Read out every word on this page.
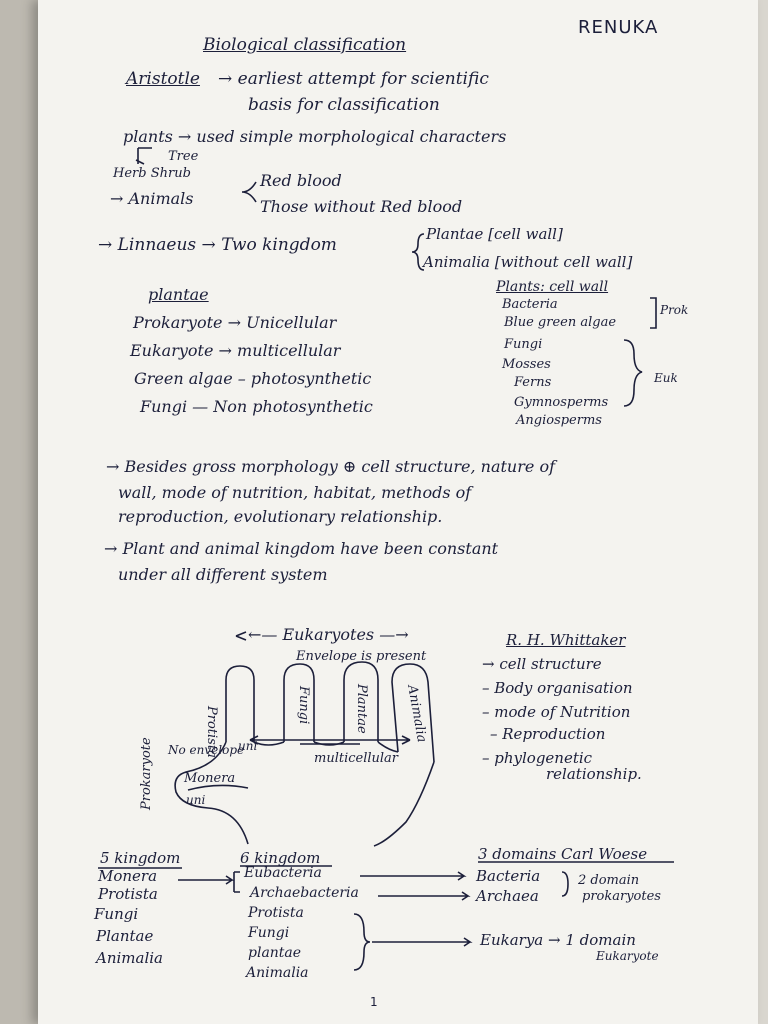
RENUKA
Biological classification
Aristotle → earliest attempt for scientific
basis for classification
plants → used simple morphological characters
Tree
Herb Shrub
→ Animals
Red blood
Those without Red blood
→ Linnaeus → Two kingdom
Plantae [cell wall]
Animalia [without cell wall]
plantae
Prokaryote → Unicellular
Eukaryote → multicellular
Green algae – photosynthetic
Fungi — Non photosynthetic
Plants: cell wall
Bacteria
Blue green algae
Fungi
Mosses
Ferns
Gymnosperms
Angiosperms
Prok
Euk
→ Besides gross morphology ⊕ cell structure, nature of
wall, mode of nutrition, habitat, methods of
reproduction, evolutionary relationship.
→ Plant and animal kingdom have been constant
under all different system
←— Eukaryotes —→
Envelope is present
Protista
Fungi	Plantae	Animalia
uni
multicellular
No envelope
Monera
uni
Prokaryote
R. H. Whittaker
→ cell structure
– Body organisation
– mode of Nutrition
– Reproduction
– phylogenetic
relationship.
5 kingdom
Monera
Protista
Fungi
Plantae
Animalia
6 kingdom
Eubacteria
Archaebacteria
Protista
Fungi
plantae
Animalia
3 domains Carl Woese
Bacteria
Archaea
2 domain
prokaryotes
Eukarya → 1 domain
Eukaryote
1
